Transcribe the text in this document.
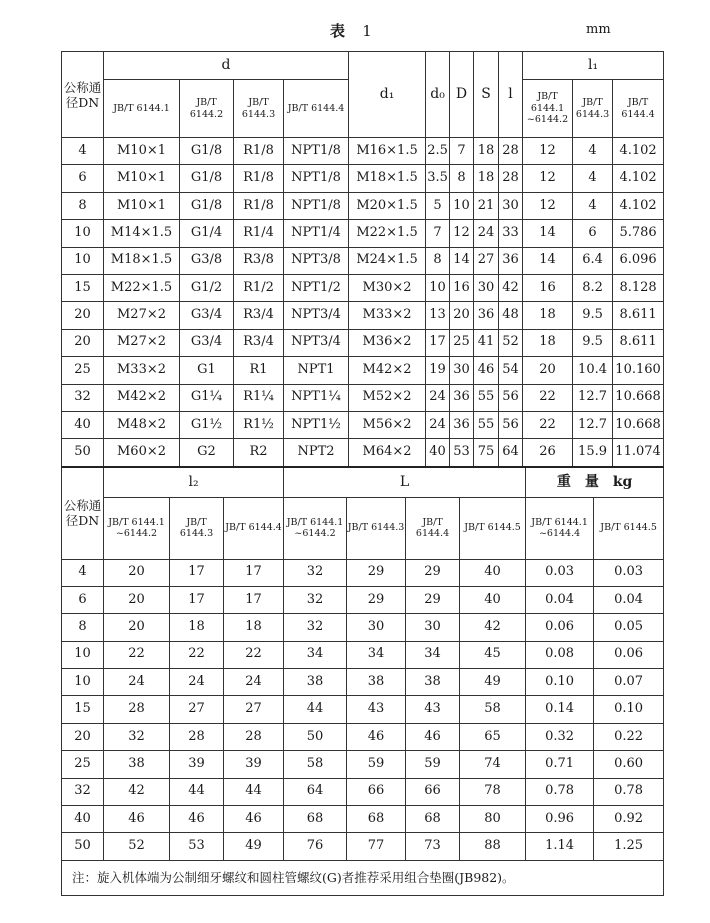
表 1	mm
公称通径DN	d				d₁	d₀	D	S	l	l₁		
	JB/T 6144.1	JB/T 6144.2	JB/T 6144.3	JB/T 6144.4						JB/T 6144.1 ~6144.2	JB/T 6144.3	JB/T 6144.4
4	M10×1	G1/8	R1/8	NPT1/8	M16×1.5	2.5	7	18	28	12	4	4.102
6	M10×1	G1/8	R1/8	NPT1/8	M18×1.5	3.5	8	18	28	12	4	4.102
8	M10×1	G1/8	R1/8	NPT1/8	M20×1.5	5	10	21	30	12	4	4.102
10	M14×1.5	G1/4	R1/4	NPT1/4	M22×1.5	7	12	24	33	14	6	5.786
10	M18×1.5	G3/8	R3/8	NPT3/8	M24×1.5	8	14	27	36	14	6.4	6.096
15	M22×1.5	G1/2	R1/2	NPT1/2	M30×2	10	16	30	42	16	8.2	8.128
20	M27×2	G3/4	R3/4	NPT3/4	M33×2	13	20	36	48	18	9.5	8.611
20	M27×2	G3/4	R3/4	NPT3/4	M36×2	17	25	41	52	18	9.5	8.611
25	M33×2	G1	R1	NPT1	M42×2	19	30	46	54	20	10.4	10.160
32	M42×2	G1¼	R1¼	NPT1¼	M52×2	24	36	55	56	22	12.7	10.668
40	M48×2	G1½	R1½	NPT1½	M56×2	24	36	55	56	22	12.7	10.668
50	M60×2	G2	R2	NPT2	M64×2	40	53	75	64	26	15.9	11.074
公称通径DN	l₂			L				重　量　kg	
	JB/T 6144.1 ~6144.2	JB/T 6144.3	JB/T 6144.4	JB/T 6144.1 ~6144.2	JB/T 6144.3	JB/T 6144.4	JB/T 6144.5	JB/T 6144.1 ~6144.4	JB/T 6144.5
4	20	17	17	32	29	29	40	0.03	0.03
6	20	17	17	32	29	29	40	0.04	0.04
8	20	18	18	32	30	30	42	0.06	0.05
10	22	22	22	34	34	34	45	0.08	0.06
10	24	24	24	38	38	38	49	0.10	0.07
15	28	27	27	44	43	43	58	0.14	0.10
20	32	28	28	50	46	46	65	0.32	0.22
25	38	39	39	58	59	59	74	0.71	0.60
32	42	44	44	64	66	66	78	0.78	0.78
40	46	46	46	68	68	68	80	0.96	0.92
50	52	53	49	76	77	73	88	1.14	1.25
注：旋入机体端为公制细牙螺纹和圆柱管螺纹(G)者推荐采用组合垫圈(JB982)。									
